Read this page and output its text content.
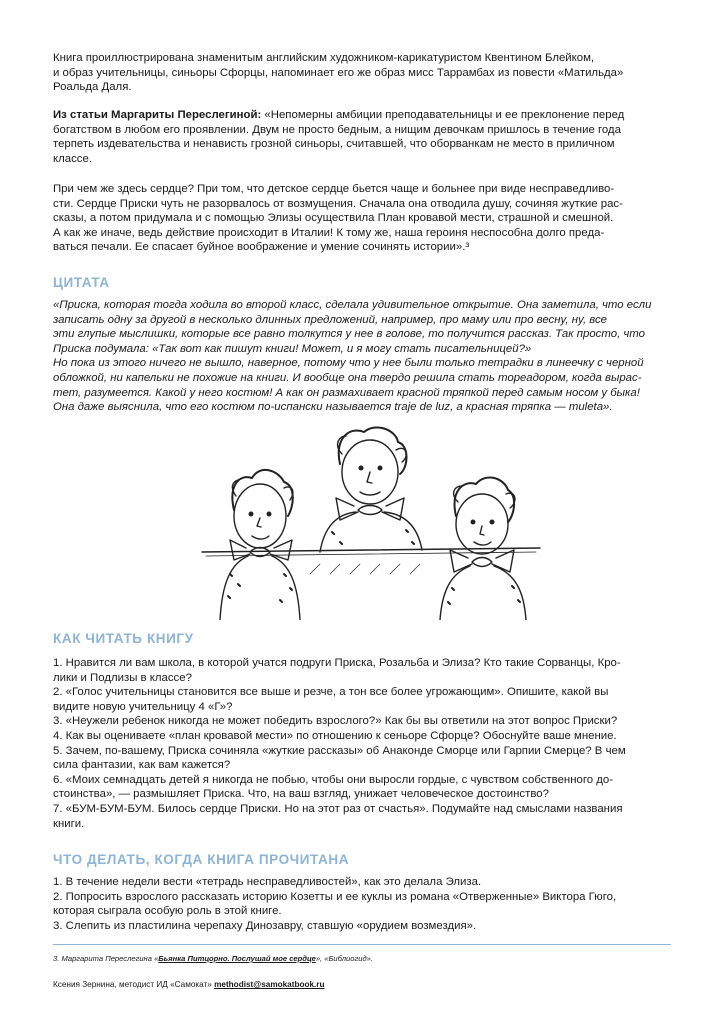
Книга проиллюстрирована знаменитым английским художником-карикатуристом Квентином Блейком,
и образ учительницы, синьоры Сфорцы, напоминает его же образ мисс Таррамбах из повести «Матильда»
Роальда Даля.
Из статьи Маргариты Переслегиной: «Непомерны амбиции преподавательницы и ее преклонение перед
богатством в любом его проявлении. Двум не просто бедным, а нищим девочкам пришлось в течение года
терпеть издевательства и ненависть грозной синьоры, считавшей, что оборванкам не место в приличном
классе.
При чем же здесь сердце? При том, что детское сердце бьется чаще и больнее при виде несправедливо-
сти. Сердце Приски чуть не разорвалось от возмущения. Сначала она отводила душу, сочиняя жуткие рас-
сказы, а потом придумала и с помощью Элизы осуществила План кровавой мести, страшной и смешной.
А как же иначе, ведь действие происходит в Италии! К тому же, наша героиня неспособна долго преда-
ваться печали. Ее спасает буйное воображение и умение сочинять истории».³
ЦИТАТА
«Приска, которая тогда ходила во второй класс, сделала удивительное открытие. Она заметила, что если
записать одну за другой в несколько длинных предложений, например, про маму или про весну, ну, все
эти глупые мыслишки, которые все равно толкутся у нее в голове, то получится рассказ. Так просто, что
Приска подумала: «Так вот как пишут книги! Может, и я могу стать писательницей?»
Но пока из этого ничего не вышло, наверное, потому что у нее были только тетрадки в линеечку с черной
обложкой, ни капельки не похожие на книги. И вообще она твердо решила стать тореадором, когда вырас-
тет, разумеется. Какой у него костюм! А как он размахивает красной тряпкой перед самым носом у быка!
Она даже выяснила, что его костюм по-испански называется traje de luz, а красная тряпка — muleta».
КАК ЧИТАТЬ КНИГУ
1. Нравится ли вам школа, в которой учатся подруги Приска, Розальба и Элиза? Кто такие Сорванцы, Кро-
лики и Подлизы в классе?
2. «Голос учительницы становится все выше и резче, а тон все более угрожающим». Опишите, какой вы
видите новую учительницу 4 «Г»?
3. «Неужели ребенок никогда не может победить взрослого?» Как бы вы ответили на этот вопрос Приски?
4. Как вы оцениваете «план кровавой мести» по отношению к сеньоре Сфорце? Обоснуйте ваше мнение.
5. Зачем, по-вашему, Приска сочиняла «жуткие рассказы» об Анаконде Сморце или Гарпии Смерце? В чем
сила фантазии, как вам кажется?
6. «Моих семнадцать детей я никогда не побью, чтобы они выросли гордые, с чувством собственного до-
стоинства», — размышляет Приска. Что, на ваш взгляд, унижает человеческое достоинство?
7. «БУМ-БУМ-БУМ. Билось сердце Приски. Но на этот раз от счастья». Подумайте над смыслами названия
книги.
ЧТО ДЕЛАТЬ, КОГДА КНИГА ПРОЧИТАНА
1. В течение недели вести «тетрадь несправедливостей», как это делала Элиза.
2. Попросить взрослого рассказать историю Козетты и ее куклы из романа «Отверженные» Виктора Гюго,
которая сыграла особую роль в этой книге.
3. Слепить из пластилина черепаху Динозавру, ставшую «орудием возмездия».
3. Маргарита Переслегина «Бьянка Питцорно. Послушай мое сердце», «Библиогид».
Ксения Зернина, методист ИД «Самокат» methodist@samokatbook.ru
